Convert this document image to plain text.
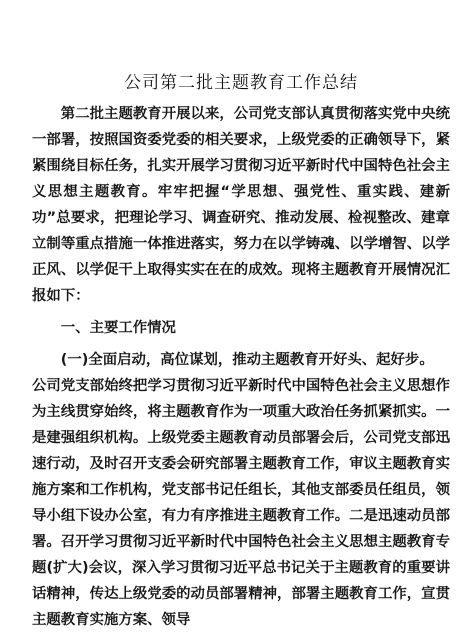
公司第二批主题教育工作总结

第二批主题教育开展以来，公司党支部认真贯彻落实党中央统一部署，按照国资委党委的相关要求，上级党委的正确领导下，紧紧围绕目标任务，扎实开展学习贯彻习近平新时代中国特色社会主义思想主题教育。牢牢把握“学思想、强党性、重实践、建新功”总要求，把理论学习、调查研究、推动发展、检视整改、建章立制等重点措施一体推进落实，努力在以学铸魂、以学增智、以学正风、以学促干上取得实实在在的成效。现将主题教育开展情况汇报如下：

一、主要工作情况

(一)全面启动，高位谋划，推动主题教育开好头、起好步。

公司党支部始终把学习贯彻习近平新时代中国特色社会主义思想作为主线贯穿始终，将主题教育作为一项重大政治任务抓紧抓实。一是建强组织机构。上级党委主题教育动员部署会后，公司党支部迅速行动，及时召开支委会研究部署主题教育工作，审议主题教育实施方案和工作机构，党支部书记任组长，其他支部委员任组员，领导小组下设办公室，有力有序推进主题教育工作。二是迅速动员部署。召开学习贯彻习近平新时代中国特色社会主义思想主题教育专题(扩大)会议，深入学习贯彻习近平总书记关于主题教育的重要讲话精神，传达上级党委的动员部署精神，部署主题教育工作，宣贯主题教育实施方案、领导
